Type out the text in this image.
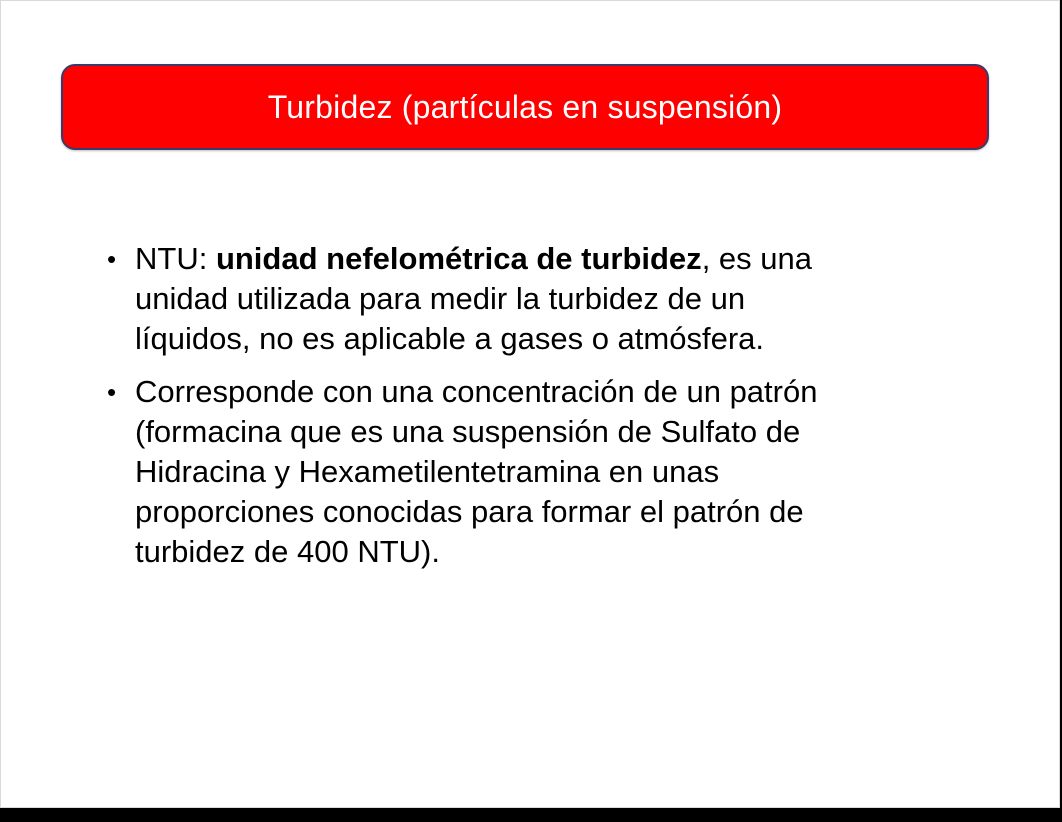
Turbidez (partículas en suspensión)
• NTU: unidad nefelométrica de turbidez, es una
unidad utilizada para medir la turbidez de un
líquidos, no es aplicable a gases o atmósfera.
• Corresponde con una concentración de un patrón
(formacina que es una suspensión de Sulfato de
Hidracina y Hexametilentetramina en unas
proporciones conocidas para formar el patrón de
turbidez de 400 NTU).
